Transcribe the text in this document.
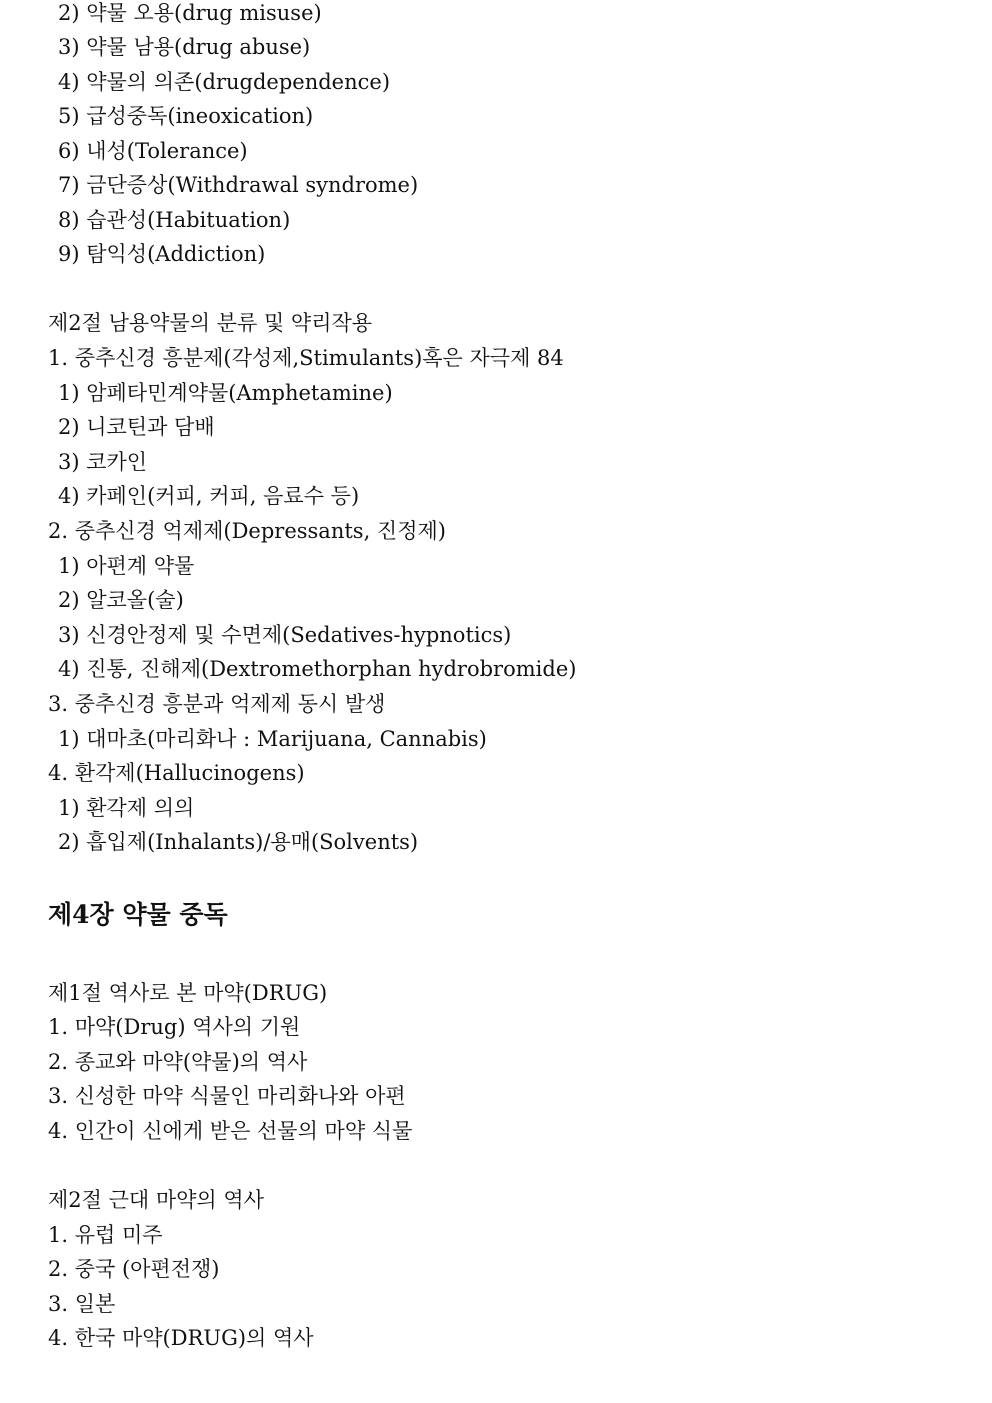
2) 약물 오용(drug misuse)
3) 약물 남용(drug abuse)
4) 약물의 의존(drugdependence)
5) 급성중독(ineoxication)
6) 내성(Tolerance)
7) 금단증상(Withdrawal syndrome)
8) 습관성(Habituation)
9) 탐익성(Addiction)
제2절 남용약물의 분류 및 약리작용
1. 중추신경 흥분제(각성제,Stimulants)혹은 자극제 84
1) 암페타민계약물(Amphetamine)
2) 니코틴과 담배
3) 코카인
4) 카페인(커피, 커피, 음료수 등)
2. 중추신경 억제제(Depressants, 진정제)
1) 아편계 약물
2) 알코올(술)
3) 신경안정제 및 수면제(Sedatives-hypnotics)
4) 진통, 진해제(Dextromethorphan hydrobromide)
3. 중추신경 흥분과 억제제 동시 발생
1) 대마초(마리화나 : Marijuana, Cannabis)
4. 환각제(Hallucinogens)
1) 환각제 의의
2) 흡입제(Inhalants)/용매(Solvents)
제4장 약물 중독
제1절 역사로 본 마약(DRUG)
1. 마약(Drug) 역사의 기원
2. 종교와 마약(약물)의 역사
3. 신성한 마약 식물인 마리화나와 아편
4. 인간이 신에게 받은 선물의 마약 식물
제2절 근대 마약의 역사
1. 유럽 미주
2. 중국 (아편전쟁)
3. 일본
4. 한국 마약(DRUG)의 역사
